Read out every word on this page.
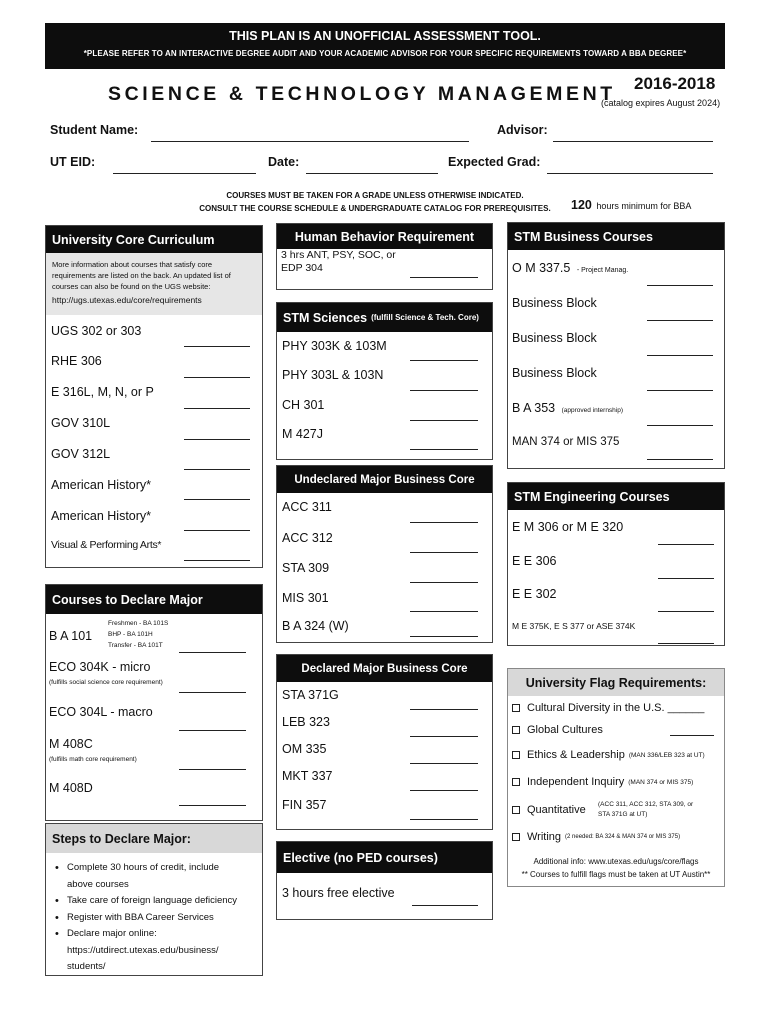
THIS PLAN IS AN UNOFFICIAL ASSESSMENT TOOL.
*PLEASE REFER TO AN INTERACTIVE DEGREE AUDIT AND YOUR ACADEMIC ADVISOR FOR YOUR SPECIFIC REQUIREMENTS TOWARD A BBA DEGREE*
SCIENCE & TECHNOLOGY MANAGEMENT 2016-2018
(catalog expires August 2024)
Student Name:	Advisor:
UT EID:	Date:	Expected Grad:
COURSES MUST BE TAKEN FOR A GRADE UNLESS OTHERWISE INDICATED.
CONSULT THE COURSE SCHEDULE & UNDERGRADUATE CATALOG FOR PREREQUISITES.	120 hours minimum for BBA
University Core Curriculum
More information about courses that satisfy core requirements are listed on the back. An updated list of courses can also be found on the UGS website:
http://ugs.utexas.edu/core/requirements
UGS 302 or 303
RHE 306
E 316L, M, N, or P
GOV 310L
GOV 312L
American History*
American History*
Visual & Performing Arts*
Courses to Declare Major
B A 101
Freshmen - BA 101S
BHP - BA 101H
Transfer - BA 101T
ECO 304K - micro
(fulfills social science core requirement)
ECO 304L - macro
M 408C
(fulfills math core requirement)
M 408D
Steps to Declare Major:
• Complete 30 hours of credit, include
above courses
• Take care of foreign language deficiency
• Register with BBA Career Services
• Declare major online:
https://utdirect.utexas.edu/business/
students/
Human Behavior Requirement
3 hrs ANT, PSY, SOC, or
EDP 304
STM Sciences (fulfill Science & Tech. Core)
PHY 303K & 103M
PHY 303L & 103N
CH 301
M 427J
Undeclared Major Business Core
ACC 311
ACC 312
STA 309
MIS 301
B A 324 (W)
Declared Major Business Core
STA 371G
LEB 323
OM 335
MKT 337
FIN 357
Elective (no PED courses)
3 hours free elective
STM Business Courses
O M 337.5 - Project Manag.
Business Block
Business Block
Business Block
B A 353 (approved internship)
MAN 374 or MIS 375
STM Engineering Courses
E M 306 or M E 320
E E 306
E E 302
M E 375K, E S 377 or ASE 374K
University Flag Requirements:
Cultural Diversity in the U.S. ______
Global Cultures
Ethics & Leadership (MAN 336/LEB 323 at UT)
Independent Inquiry (MAN 374 or MIS 375)
Quantitative (ACC 311, ACC 312, STA 309, or
STA 371G at UT)
Writing (2 needed: BA 324 & MAN 374 or MIS 375)
Additional info: www.utexas.edu/ugs/core/flags
** Courses to fulfill flags must be taken at UT Austin**
